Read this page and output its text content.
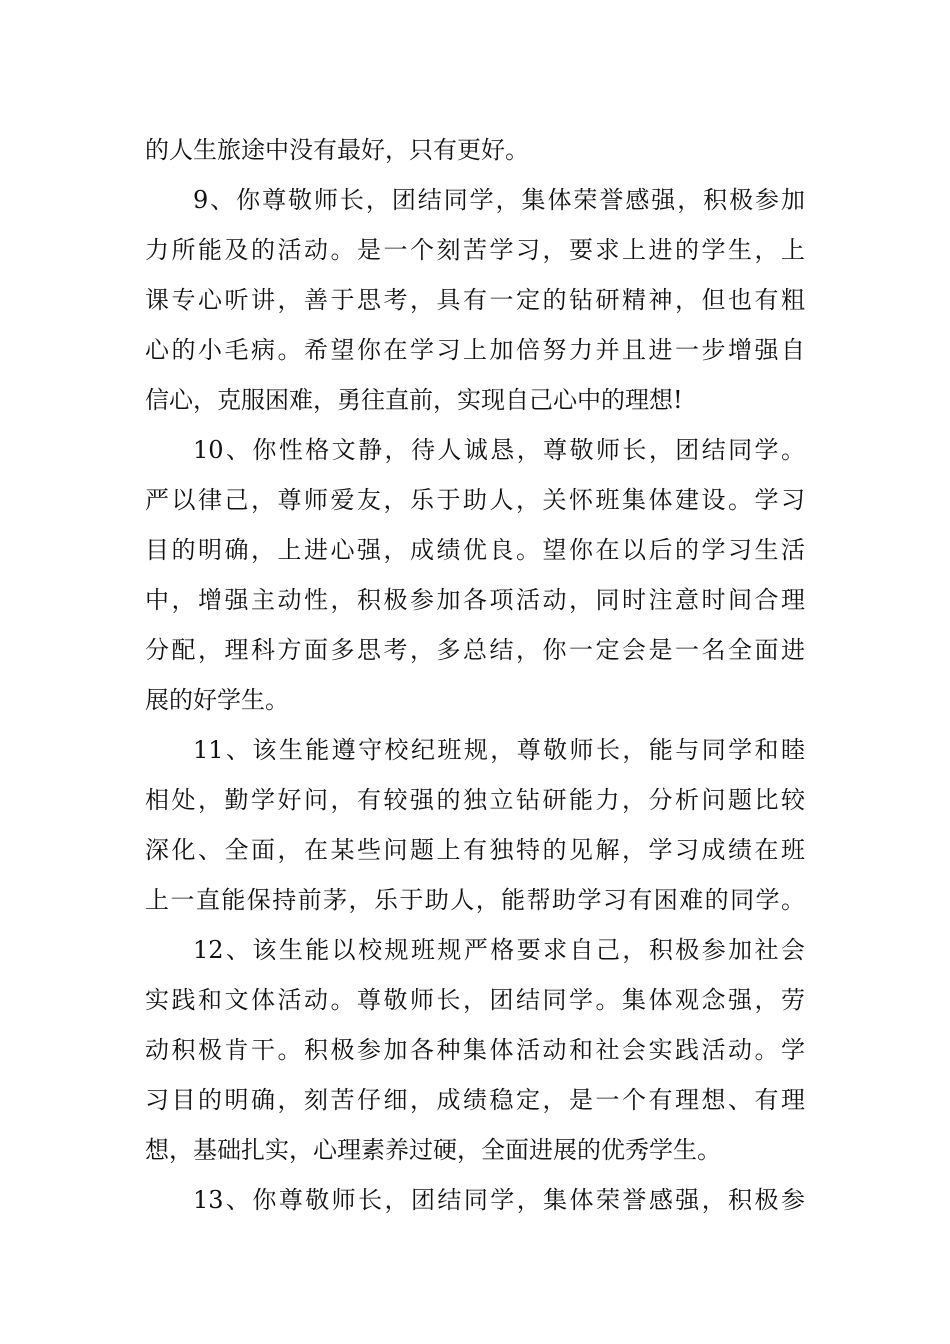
的人生旅途中没有最好，只有更好。
9、你尊敬师长，团结同学，集体荣誉感强，积极参加
力所能及的活动。是一个刻苦学习，要求上进的学生，上
课专心听讲，善于思考，具有一定的钻研精神，但也有粗
心的小毛病。希望你在学习上加倍努力并且进一步增强自
信心，克服困难，勇往直前，实现自己心中的理想!
10、你性格文静，待人诚恳，尊敬师长，团结同学。
严以律己，尊师爱友，乐于助人，关怀班集体建设。学习
目的明确，上进心强，成绩优良。望你在以后的学习生活
中，增强主动性，积极参加各项活动，同时注意时间合理
分配，理科方面多思考，多总结，你一定会是一名全面进
展的好学生。
11、该生能遵守校纪班规，尊敬师长，能与同学和睦
相处，勤学好问，有较强的独立钻研能力，分析问题比较
深化、全面，在某些问题上有独特的见解，学习成绩在班
上一直能保持前茅，乐于助人，能帮助学习有困难的同学。
12、该生能以校规班规严格要求自己，积极参加社会
实践和文体活动。尊敬师长，团结同学。集体观念强，劳
动积极肯干。积极参加各种集体活动和社会实践活动。学
习目的明确，刻苦仔细，成绩稳定，是一个有理想、有理
想，基础扎实，心理素养过硬，全面进展的优秀学生。
13、你尊敬师长，团结同学，集体荣誉感强，积极参
